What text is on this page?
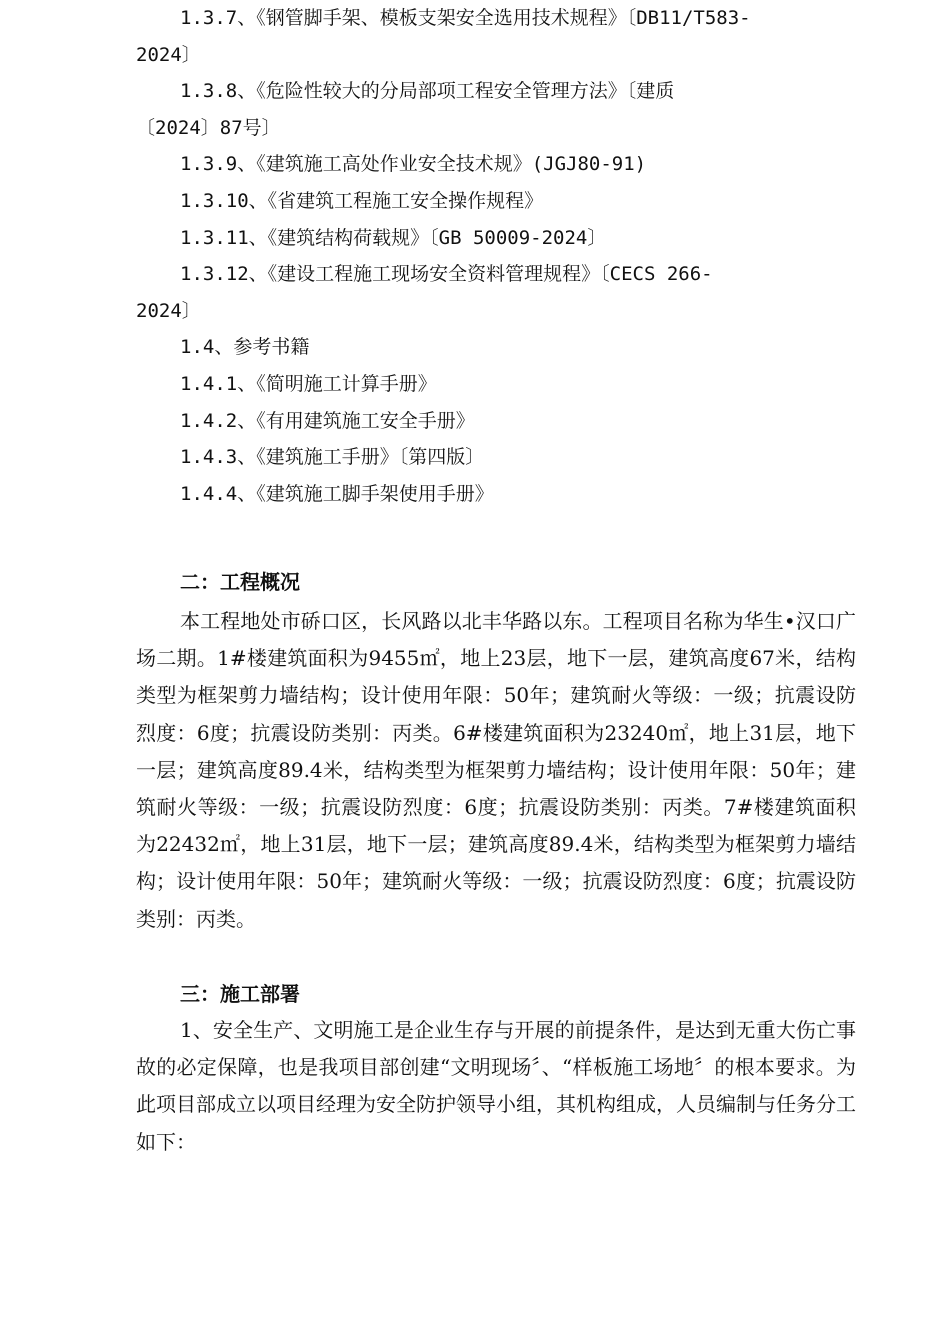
1.3.7、《钢管脚手架、模板支架安全选用技术规程》〔DB11/T583-
2024〕

1.3.8、《危险性较大的分局部项工程安全管理方法》〔建质
〔2024〕87号〕

1.3.9、《建筑施工高处作业安全技术规》(JGJ80-91)

1.3.10、《省建筑工程施工安全操作规程》

1.3.11、《建筑结构荷载规》〔GB 50009-2024〕

1.3.12、《建设工程施工现场安全资料管理规程》〔CECS 266-
2024〕

1.4、参考书籍

1.4.1、《简明施工计算手册》

1.4.2、《有用建筑施工安全手册》

1.4.3、《建筑施工手册》〔第四版〕

1.4.4、《建筑施工脚手架使用手册》

二：工程概况

本工程地处市硚口区，长风路以北丰华路以东。工程项目名称为华生•汉口广场二期。1#楼建筑面积为9455㎡，地上23层，地下一层，建筑高度67米，结构类型为框架剪力墙结构；设计使用年限：50年；建筑耐火等级：一级；抗震设防烈度：6度；抗震设防类别：丙类。6#楼建筑面积为23240㎡，地上31层，地下一层；建筑高度89.4米，结构类型为框架剪力墙结构；设计使用年限：50年；建筑耐火等级：一级；抗震设防烈度：6度；抗震设防类别：丙类。7#楼建筑面积为22432㎡，地上31层，地下一层；建筑高度89.4米，结构类型为框架剪力墙结构；设计使用年限：50年；建筑耐火等级：一级；抗震设防烈度：6度；抗震设防类别：丙类。

三：施工部署

1、安全生产、文明施工是企业生存与开展的前提条件，是达到无重大伤亡事故的必定保障，也是我项目部创建“文明现场〞、“样板施工场地〞的根本要求。为此项目部成立以项目经理为安全防护领导小组，其机构组成，人员编制与任务分工如下：
